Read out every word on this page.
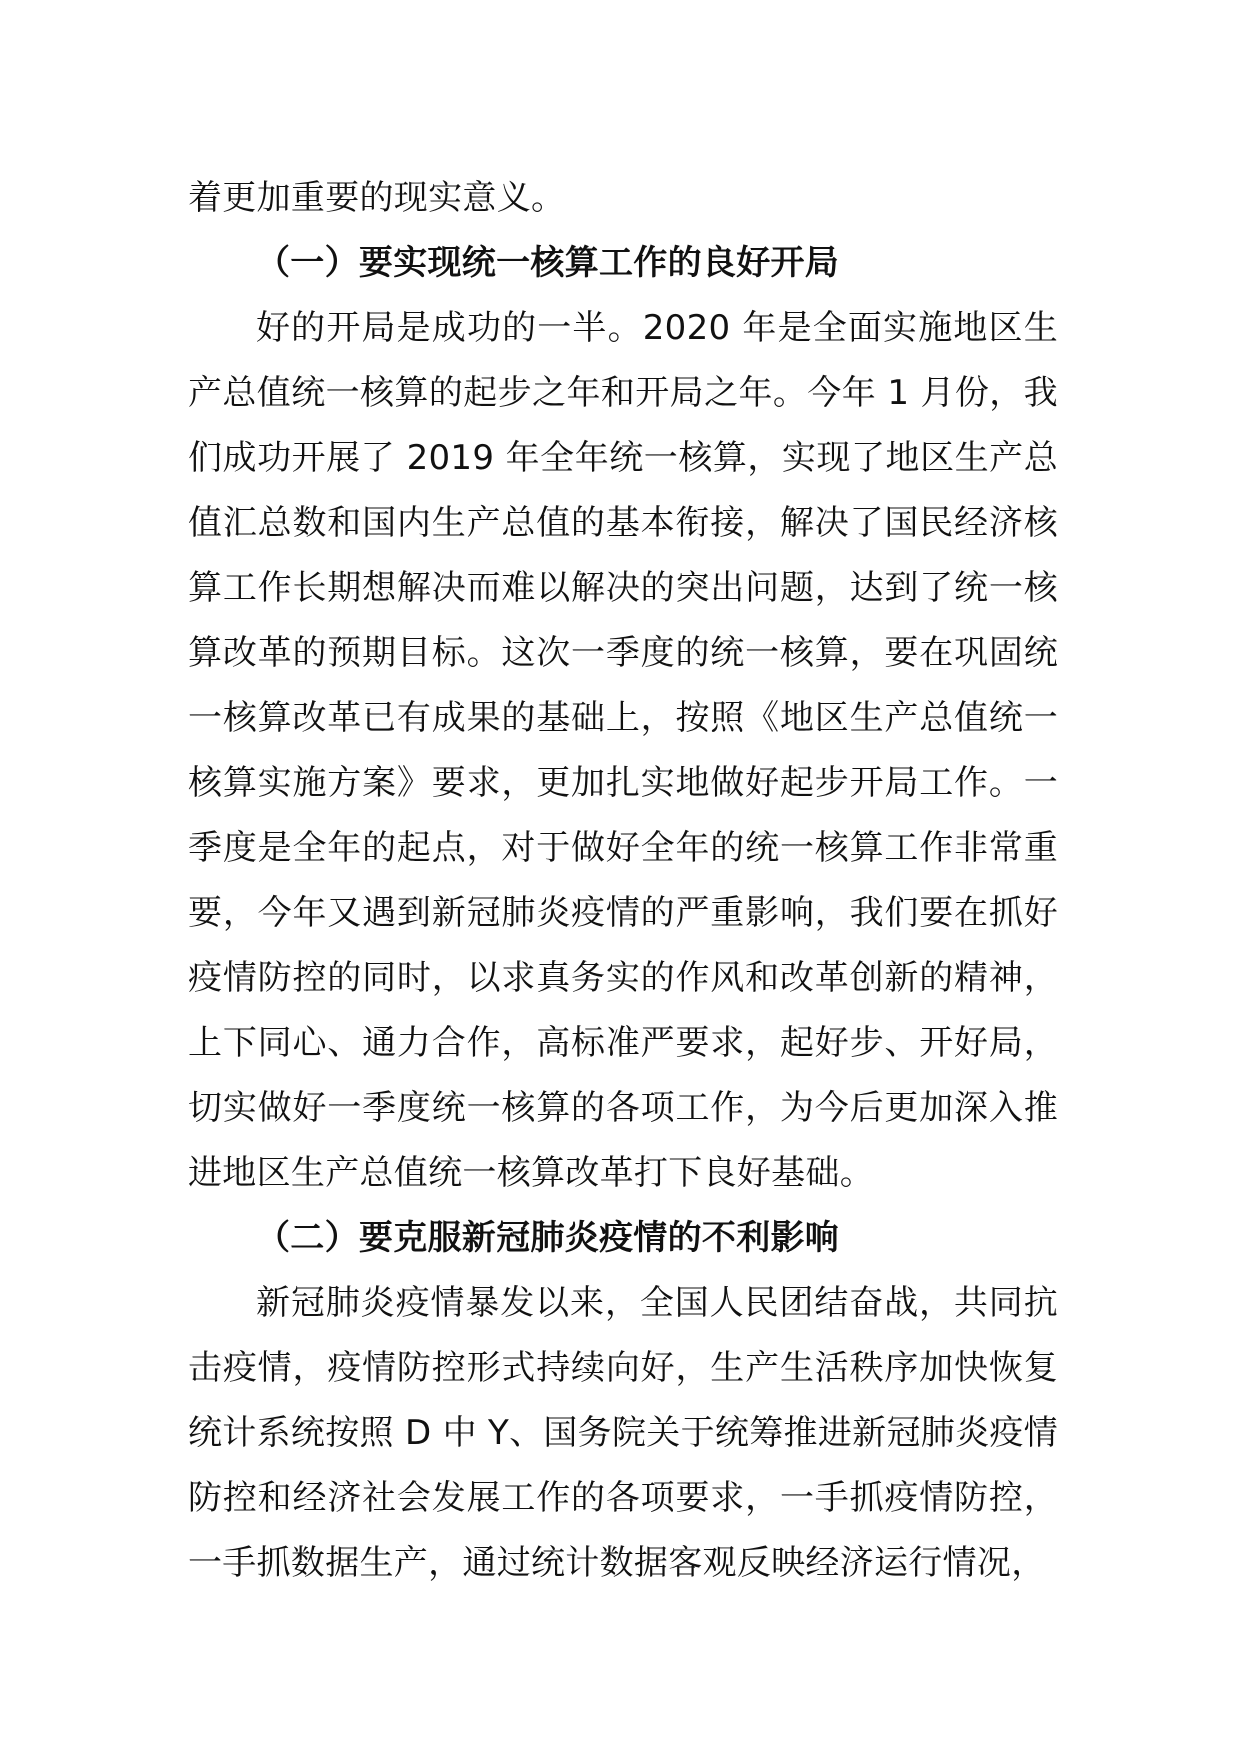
着更加重要的现实意义。

（一）要实现统一核算工作的良好开局

好的开局是成功的一半。2020 年是全面实施地区生产总值统一核算的起步之年和开局之年。今年 1 月份，我们成功开展了 2019 年全年统一核算，实现了地区生产总值汇总数和国内生产总值的基本衔接，解决了国民经济核算工作长期想解决而难以解决的突出问题，达到了统一核算改革的预期目标。这次一季度的统一核算，要在巩固统一核算改革已有成果的基础上，按照《地区生产总值统一核算实施方案》要求，更加扎实地做好起步开局工作。一季度是全年的起点，对于做好全年的统一核算工作非常重要，今年又遇到新冠肺炎疫情的严重影响，我们要在抓好疫情防控的同时，以求真务实的作风和改革创新的精神，上下同心、通力合作，高标准严要求，起好步、开好局，切实做好一季度统一核算的各项工作，为今后更加深入推进地区生产总值统一核算改革打下良好基础。

（二）要克服新冠肺炎疫情的不利影响

新冠肺炎疫情暴发以来，全国人民团结奋战，共同抗击疫情，疫情防控形式持续向好，生产生活秩序加快恢复统计系统按照 D 中 Y、国务院关于统筹推进新冠肺炎疫情防控和经济社会发展工作的各项要求，一手抓疫情防控，一手抓数据生产，通过统计数据客观反映经济运行情况，
